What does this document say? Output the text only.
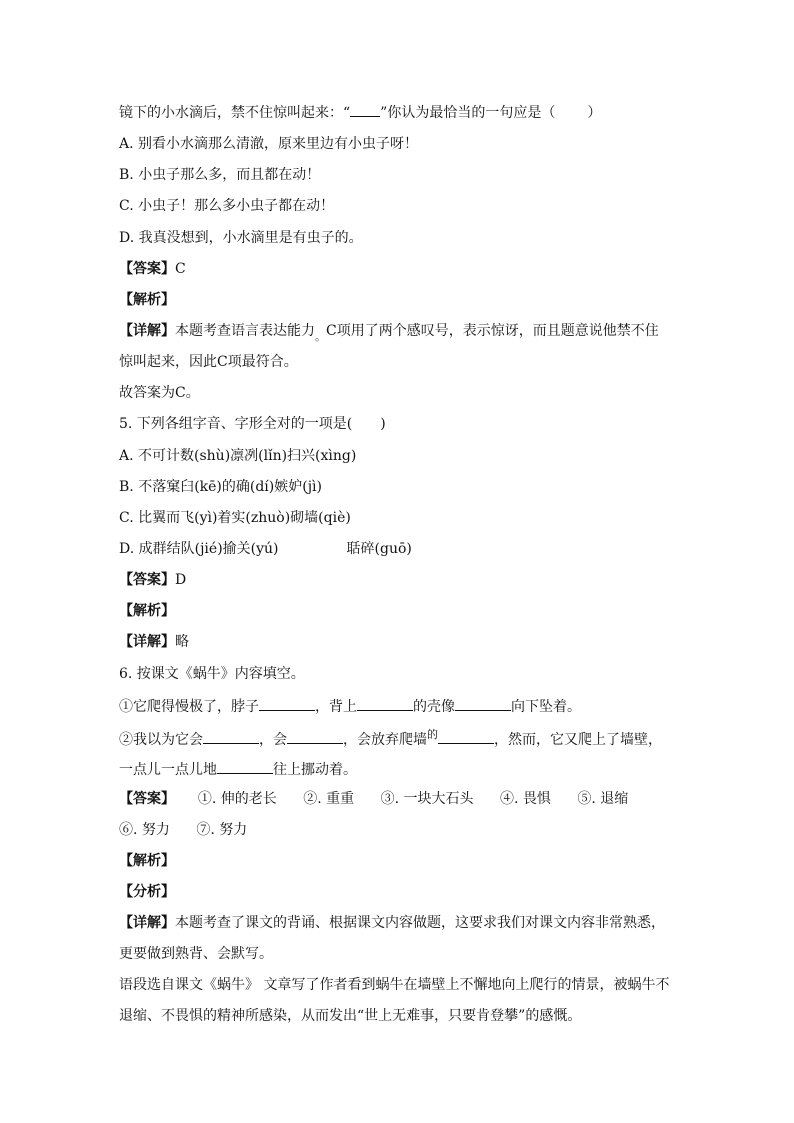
镜下的小水滴后，禁不住惊叫起来：“ ”你认为最恰当的一句应是（ ）
A. 别看小水滴那么清澈，原来里边有小虫子呀！
B. 小虫子那么多，而且都在动！
C. 小虫子！那么多小虫子都在动！
D. 我真没想到，小水滴里是有虫子的。
【答案】C
【解析】
【详解】本题考查语言表达能力$_。$C项用了两个感叹号，表示惊讶，而且题意说他禁不住
惊叫起来，因此C项最符合。
故答案为C。
5. 下列各组字音、字形全对的一项是( )
A. 不可计数(shù)凛冽(lǐn)扫兴(xìng)
B. 不落窠臼(kē)的确(dí)嫉妒(jì)
C. 比翼而飞(yì)着实(zhuò)砌墙(qiè)
D. 成群结队(jié)揄关(yú)	聒碎(guō)
【答案】D
【解析】
【详解】略
6. 按课文《蜗牛》内容填空。
①它爬得慢极了，脖子	，背上	的壳像	向下坠着。
②我以为它会	，会	，会放弃爬墙$^的$	，然而，它又爬上了墙壁，
一点儿一点儿地	往上挪动着。
【答案】 ①. 伸的老长 ②. 重重 ③. 一块大石头 ④. 畏惧 ⑤. 退缩
⑥. 努力 ⑦. 努力
【解析】
【分析】
【详解】本题考查了课文的背诵、根据课文内容做题，这要求我们对课文内容非常熟悉，
更要做到熟背、会默写。
语段选自课文《蜗牛》 文章写了作者看到蜗牛在墙壁上不懈地向上爬行的情景，被蜗牛不
退缩、不畏惧的精神所感染，从而发出“世上无难事，只要肯登攀”的感慨。
